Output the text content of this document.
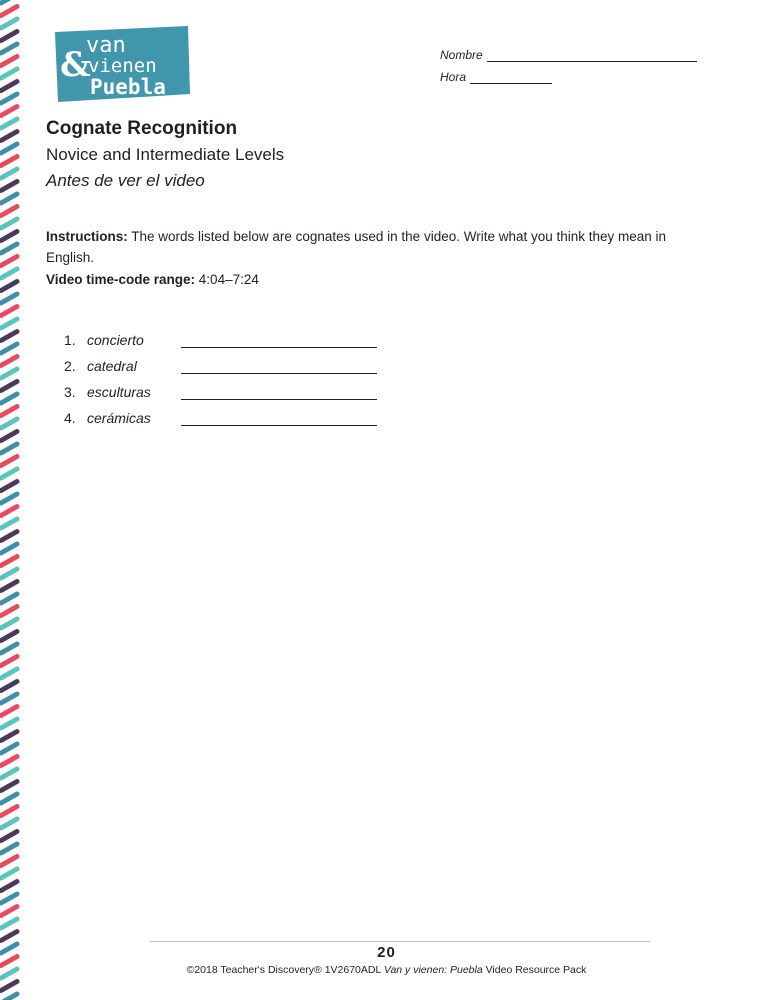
van
&
vienen
Puebla
Nombre
Hora
Cognate Recognition
Novice and Intermediate Levels
Antes de ver el video
Instructions: The words listed below are cognates used in the video. Write what you think they mean in English.
Video time-code range: 4:04–7:24
1. concierto
2. catedral
3. esculturas
4. cerámicas
20
©2018 Teacher's Discovery® 1V2670ADL Van y vienen: Puebla Video Resource Pack
